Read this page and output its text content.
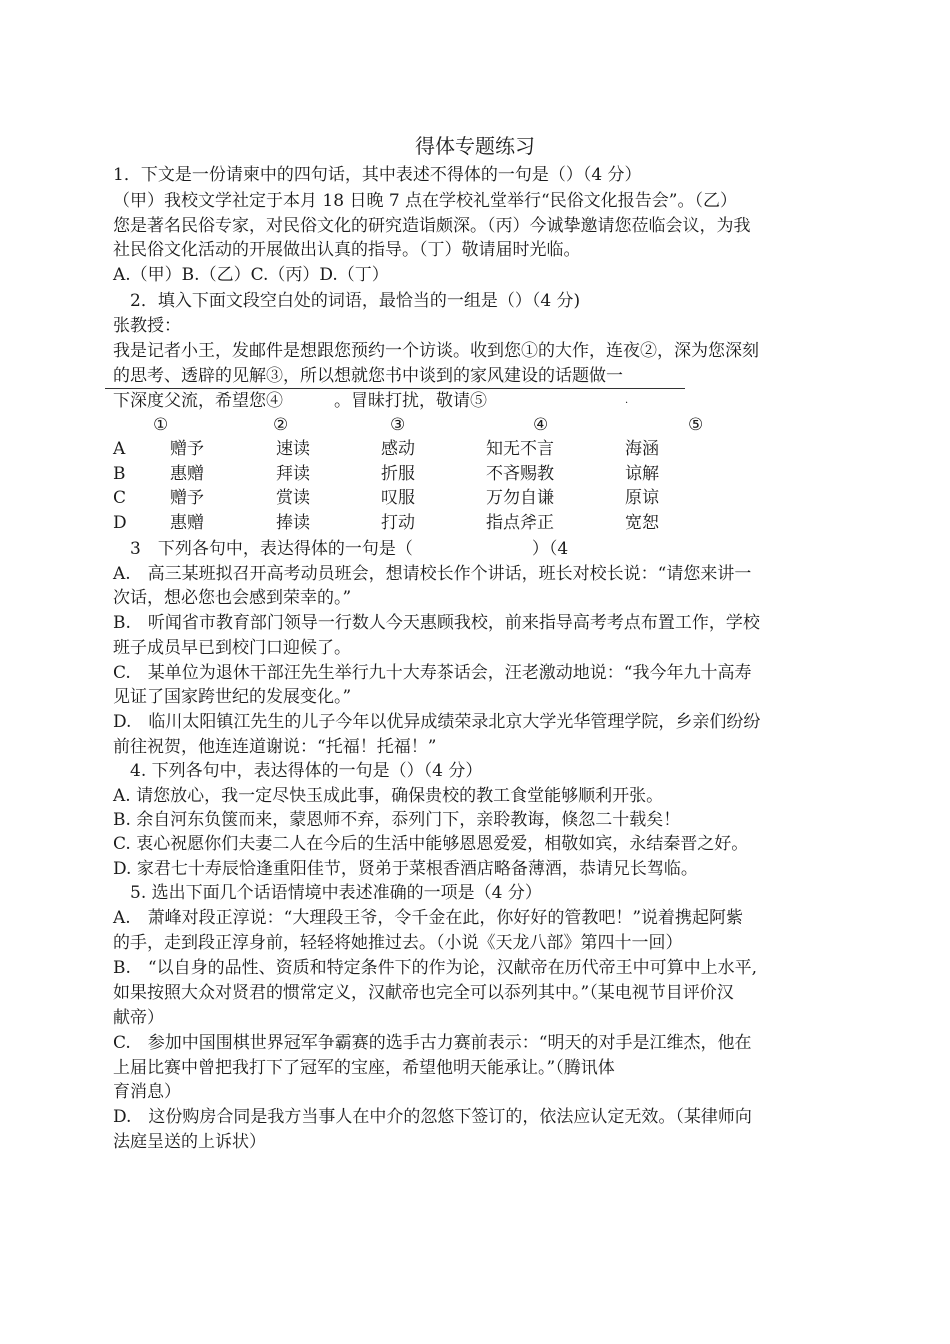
得体专题练习
1．下文是一份请柬中的四句话，其中表述不得体的一句是（）（4 分）
（甲）我校文学社定于本月 18 日晚 7 点在学校礼堂举行“民俗文化报告会”。（乙）
您是著名民俗专家，对民俗文化的研究造诣颇深。（丙）今诚挚邀请您莅临会议，为我
社民俗文化活动的开展做出认真的指导。（丁）敬请届时光临。
A.（甲）B.（乙）C.（丙）D.（丁）
2．填入下面文段空白处的词语，最恰当的一组是（）（4 分)
张教授：
我是记者小王，发邮件是想跟您预约一个访谈。收到您①的大作，连夜②，深为您深刻
的思考、透辟的见解③，所以想就您书中谈到的家风建设的话题做一
下深度父流，希望您④　　　。冒昧打扰，敬请⑤	·
①	②	③	④	⑤
A	赠予	速读	感动	知无不言	海涵
B	惠赠	拜读	折服	不吝赐教	谅解
C	赠予	赏读	叹服	万勿自谦	原谅
D	惠赠	捧读	打动	指点斧正	宽恕
3　下列各句中，表达得体的一句是（　　　　　　　）（4
A.　高三某班拟召开高考动员班会，想请校长作个讲话，班长对校长说：“请您来讲一
次话，想必您也会感到荣幸的。”
B.　听闻省市教育部门领导一行数人今天惠顾我校，前来指导高考考点布置工作，学校
班子成员早已到校门口迎候了。
C.　某单位为退休干部汪先生举行九十大寿茶话会，汪老激动地说：“我今年九十高寿
见证了国家跨世纪的发展变化。”
D.　临川太阳镇江先生的儿子今年以优异成绩荣录北京大学光华管理学院，乡亲们纷纷
前往祝贺，他连连道谢说：“托福！托福！”
4. 下列各句中，表达得体的一句是（）（4 分）
A. 请您放心，我一定尽快玉成此事，确保贵校的教工食堂能够顺利开张。
B. 余自河东负箧而来，蒙恩师不弃，忝列门下，亲聆教诲，倏忽二十载矣！
C. 衷心祝愿你们夫妻二人在今后的生活中能够恩恩爱爱，相敬如宾，永结秦晋之好。
D. 家君七十寿辰恰逢重阳佳节，贤弟于菜根香酒店略备薄酒，恭请兄长驾临。
5. 选出下面几个话语情境中表述准确的一项是（4 分）
A.　萧峰对段正淳说：“大理段王爷，令千金在此，你好好的管教吧！”说着携起阿紫
的手，走到段正淳身前，轻轻将她推过去。（小说《天龙八部》第四十一回）
B.　“以自身的品性、资质和特定条件下的作为论，汉献帝在历代帝王中可算中上水平,
如果按照大众对贤君的惯常定义，汉献帝也完全可以忝列其中。”（某电视节目评价汉
献帝）
C.　参加中国围棋世界冠军争霸赛的选手古力赛前表示：“明天的对手是江维杰，他在
上届比赛中曾把我打下了冠军的宝座，希望他明天能承让。”（腾讯体
育消息）
D.　这份购房合同是我方当事人在中介的忽悠下签订的，依法应认定无效。（某律师向
法庭呈送的上诉状）
